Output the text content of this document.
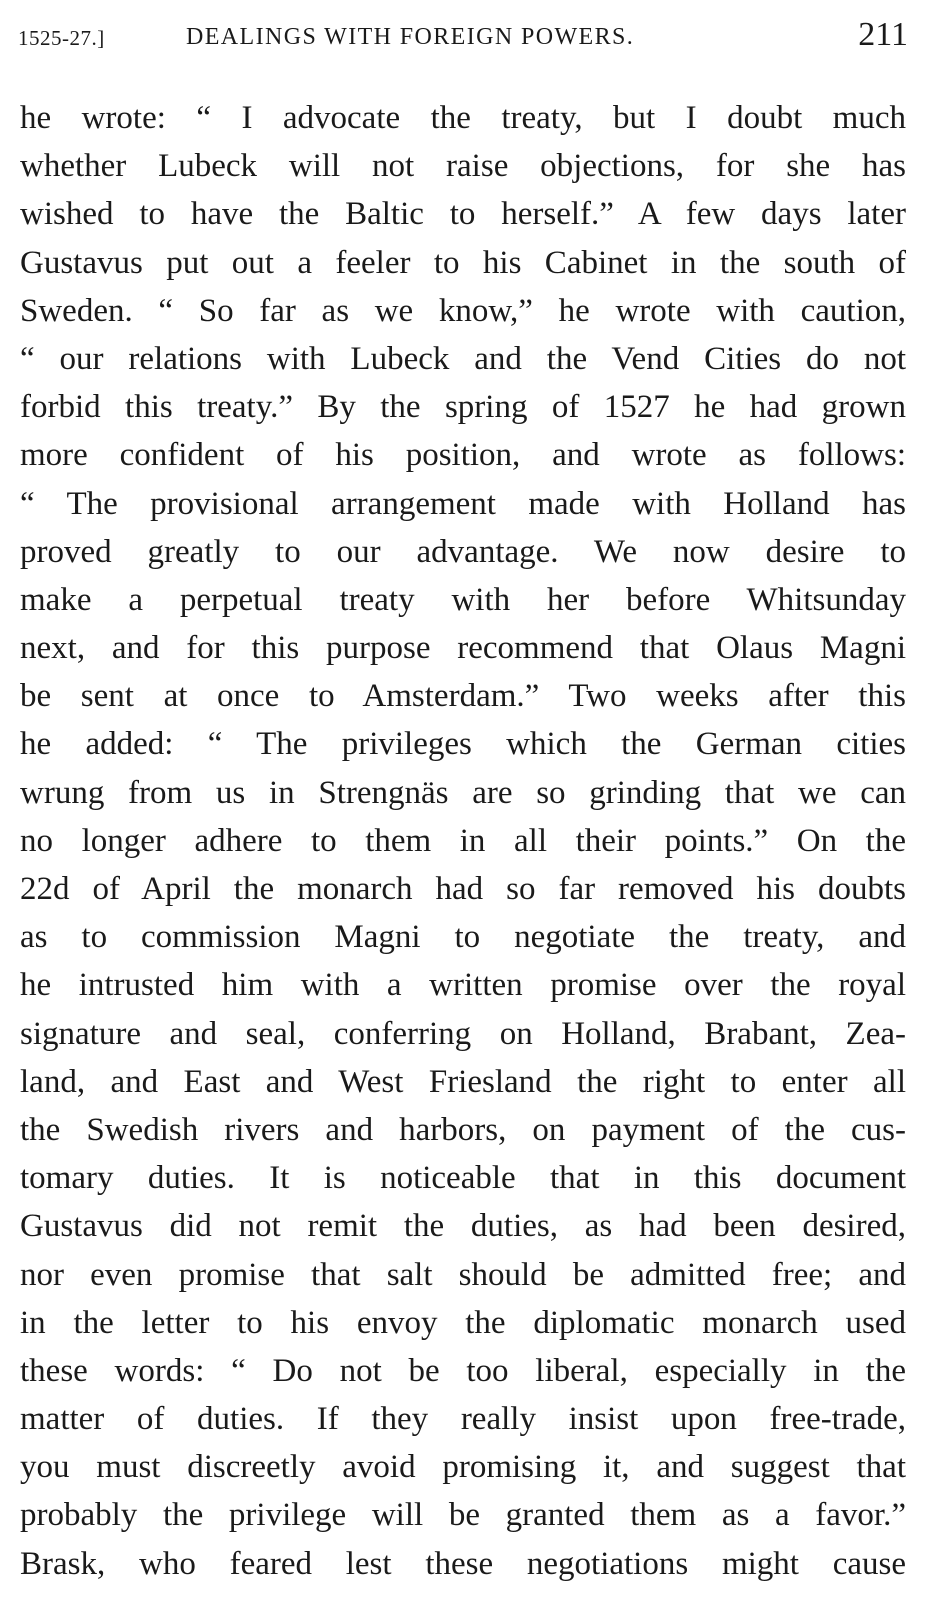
1525-27.]	DEALINGS WITH FOREIGN POWERS.	211
he wrote: “ I advocate the treaty, but I doubt much
whether Lubeck will not raise objections, for she has
wished to have the Baltic to herself.” A few days later
Gustavus put out a feeler to his Cabinet in the south of
Sweden. “ So far as we know,” he wrote with caution,
“ our relations with Lubeck and the Vend Cities do not
forbid this treaty.” By the spring of 1527 he had grown
more confident of his position, and wrote as follows:
“ The provisional arrangement made with Holland has
proved greatly to our advantage. We now desire to
make a perpetual treaty with her before Whitsunday
next, and for this purpose recommend that Olaus Magni
be sent at once to Amsterdam.” Two weeks after this
he added: “ The privileges which the German cities
wrung from us in Strengnäs are so grinding that we can
no longer adhere to them in all their points.” On the
22d of April the monarch had so far removed his doubts
as to commission Magni to negotiate the treaty, and
he intrusted him with a written promise over the royal
signature and seal, conferring on Holland, Brabant, Zea-
land, and East and West Friesland the right to enter all
the Swedish rivers and harbors, on payment of the cus-
tomary duties. It is noticeable that in this document
Gustavus did not remit the duties, as had been desired,
nor even promise that salt should be admitted free; and
in the letter to his envoy the diplomatic monarch used
these words: “ Do not be too liberal, especially in the
matter of duties. If they really insist upon free-trade,
you must discreetly avoid promising it, and suggest that
probably the privilege will be granted them as a favor.”
Brask, who feared lest these negotiations might cause
